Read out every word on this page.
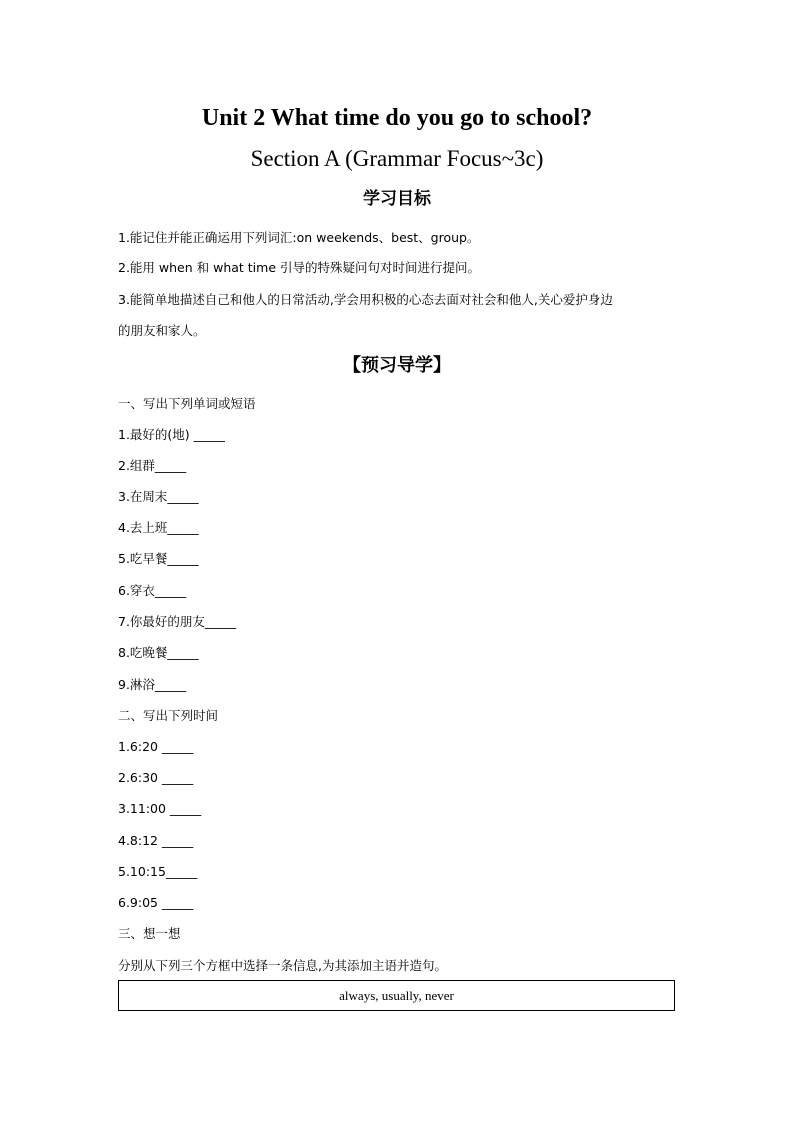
Unit 2 What time do you go to school?
Section A (Grammar Focus~3c)
学习目标
1.能记住并能正确运用下列词汇:on weekends、best、group。
2.能用 when 和 what time 引导的特殊疑问句对时间进行提问。
3.能简单地描述自己和他人的日常活动,学会用积极的心态去面对社会和他人,关心爱护身边
的朋友和家人。
【预习导学】
一、写出下列单词或短语
1.最好的(地) _____
2.组群_____
3.在周末_____
4.去上班_____
5.吃早餐_____
6.穿衣_____
7.你最好的朋友_____
8.吃晚餐_____
9.淋浴_____
二、写出下列时间
1.6:20 _____
2.6:30 _____
3.11:00 _____
4.8:12 _____
5.10:15_____
6.9:05 _____
三、想一想
分别从下列三个方框中选择一条信息,为其添加主语并造句。
always, usually, never
